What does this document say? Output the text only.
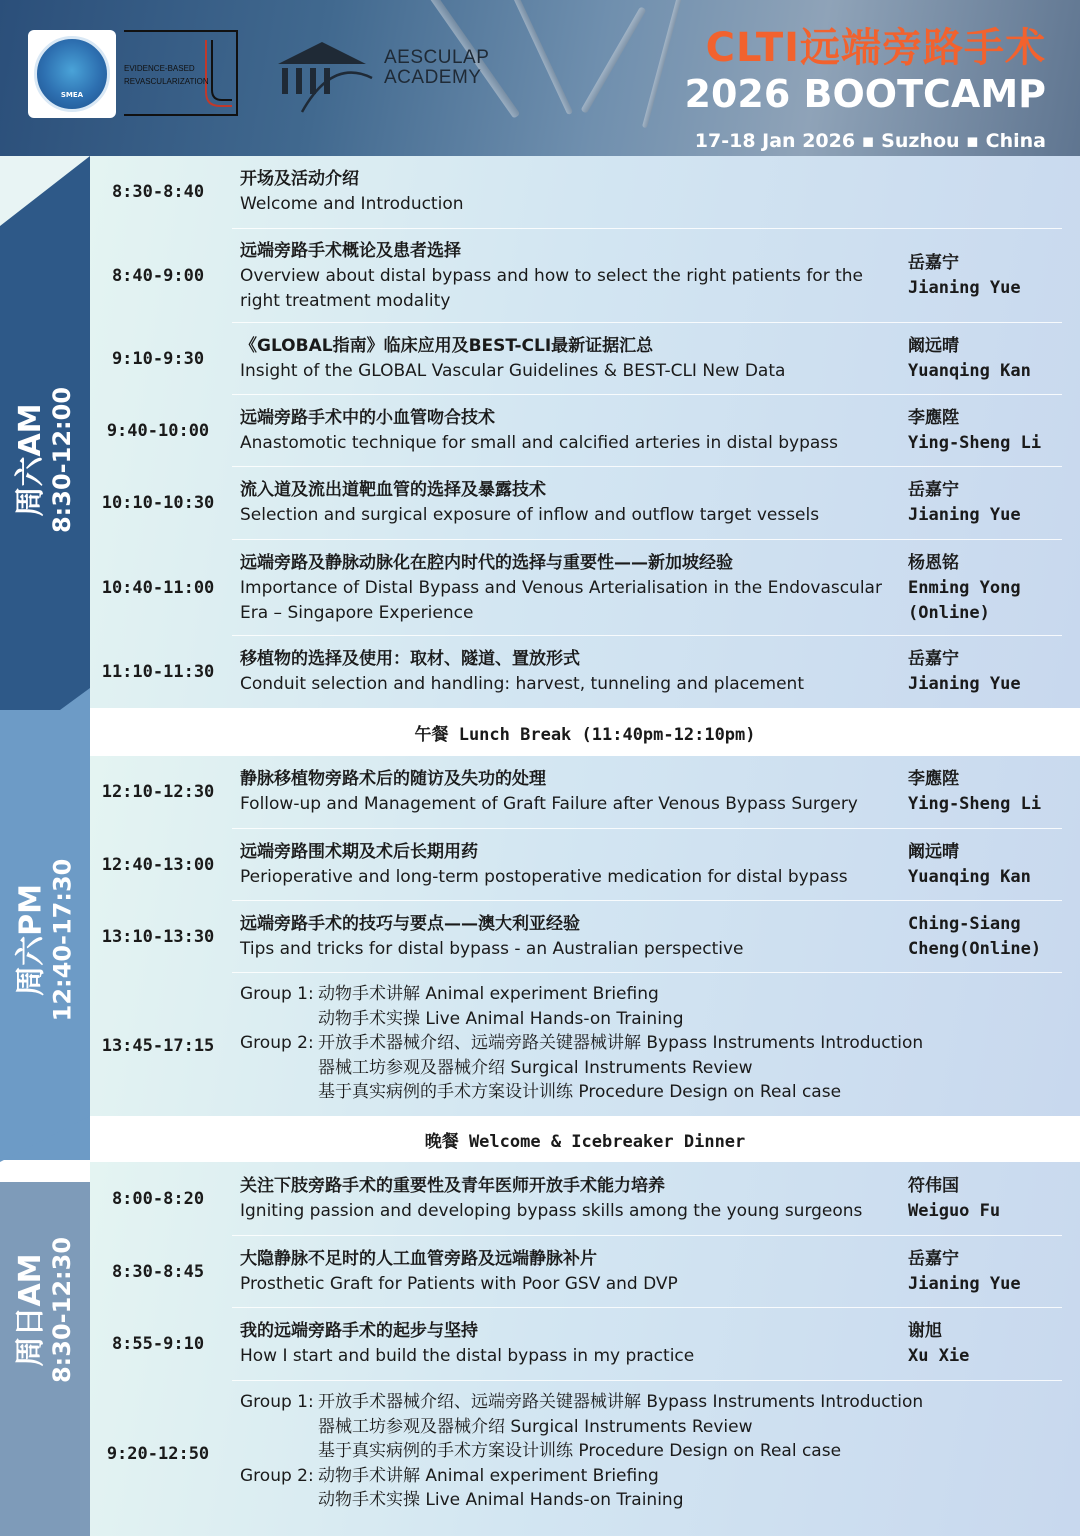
SMEA
EVIDENCE-BASED REVASCULARIZATION
AESCULAP ACADEMY
CLTI远端旁路手术
2026 BOOTCAMP
17-18 Jan 2026 ▪ Suzhou ▪ China
周六AM 8:30-12:00
周六PM 12:40-17:30
周日AM 8:30-12:30
午餐 Lunch Break (11:40pm-12:10pm)
晚餐 Welcome & Icebreaker Dinner
8:30-8:40
开场及活动介绍
Welcome and Introduction
8:40-9:00
远端旁路手术概论及患者选择
Overview about distal bypass and how to select the right patients for the right treatment modality
岳嘉宁
Jianing Yue
9:10-9:30
《GLOBAL指南》临床应用及BEST-CLI最新证据汇总
Insight of the GLOBAL Vascular Guidelines & BEST-CLI New Data
阚远晴
Yuanqing Kan
9:40-10:00
远端旁路手术中的小血管吻合技术
Anastomotic technique for small and calcified arteries in distal bypass
李應陞
Ying-Sheng Li
10:10-10:30
流入道及流出道靶血管的选择及暴露技术
Selection and surgical exposure of inflow and outflow target vessels
岳嘉宁
Jianing Yue
10:40-11:00
远端旁路及静脉动脉化在腔内时代的选择与重要性——新加坡经验
Importance of Distal Bypass and Venous Arterialisation in the Endovascular Era – Singapore Experience
杨恩铭
Enming Yong (Online)
11:10-11:30
移植物的选择及使用：取材、隧道、置放形式
Conduit selection and handling: harvest, tunneling and placement
岳嘉宁
Jianing Yue
12:10-12:30
静脉移植物旁路术后的随访及失功的处理
Follow-up and Management of Graft Failure after Venous Bypass Surgery
李應陞
Ying-Sheng Li
12:40-13:00
远端旁路围术期及术后长期用药
Perioperative and long-term postoperative medication for distal bypass
阚远晴
Yuanqing Kan
13:10-13:30
远端旁路手术的技巧与要点——澳大利亚经验
Tips and tricks for distal bypass - an Australian perspective
Ching-Siang Cheng(Online)
13:45-17:15
Group 1: 动物手术讲解 Animal experiment Briefing
动物手术实操 Live Animal Hands-on Training
Group 2: 开放手术器械介绍、远端旁路关键器械讲解 Bypass Instruments Introduction
器械工坊参观及器械介绍 Surgical Instruments Review
基于真实病例的手术方案设计训练 Procedure Design on Real case
8:00-8:20
关注下肢旁路手术的重要性及青年医师开放手术能力培养
Igniting passion and developing bypass skills among the young surgeons
符伟国
Weiguo Fu
8:30-8:45
大隐静脉不足时的人工血管旁路及远端静脉补片
Prosthetic Graft for Patients with Poor GSV and DVP
岳嘉宁
Jianing Yue
8:55-9:10
我的远端旁路手术的起步与坚持
How I start and build the distal bypass in my practice
谢旭
Xu Xie
9:20-12:50
Group 1: 开放手术器械介绍、远端旁路关键器械讲解 Bypass Instruments Introduction
器械工坊参观及器械介绍 Surgical Instruments Review
基于真实病例的手术方案设计训练 Procedure Design on Real case
Group 2: 动物手术讲解 Animal experiment Briefing
动物手术实操 Live Animal Hands-on Training
